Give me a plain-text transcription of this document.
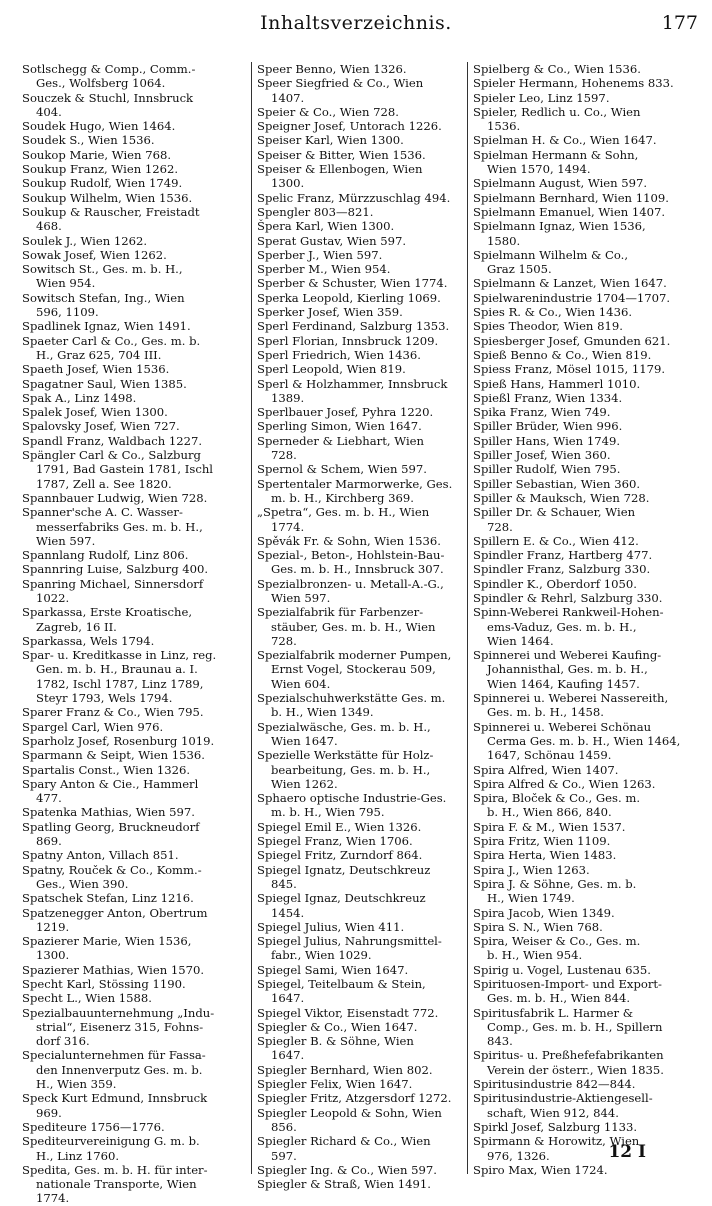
Inhaltsverzeichnis.	177
Sotlschegg & Comp., Comm.-
Ges., Wolfsberg 1064.
Souczek & Stuchl, Innsbruck
404.
Soudek Hugo, Wien 1464.
Soudek S., Wien 1536.
Soukop Marie, Wien 768.
Soukup Franz, Wien 1262.
Soukup Rudolf, Wien 1749.
Soukup Wilhelm, Wien 1536.
Soukup & Rauscher, Freistadt
468.
Soulek J., Wien 1262.
Sowak Josef, Wien 1262.
Sowitsch St., Ges. m. b. H.,
Wien 954.
Sowitsch Stefan, Ing., Wien
596, 1109.
Spadlinek Ignaz, Wien 1491.
Spaeter Carl & Co., Ges. m. b.
H., Graz 625, 704 III.
Spaeth Josef, Wien 1536.
Spagatner Saul, Wien 1385.
Spak A., Linz 1498.
Spalek Josef, Wien 1300.
Spalovsky Josef, Wien 727.
Spandl Franz, Waldbach 1227.
Spängler Carl & Co., Salzburg
1791, Bad Gastein 1781, Ischl
1787, Zell a. See 1820.
Spannbauer Ludwig, Wien 728.
Spanner'sche A. C. Wasser-
messerfabriks Ges. m. b. H.,
Wien 597.
Spannlang Rudolf, Linz 806.
Spannring Luise, Salzburg 400.
Spanring Michael, Sinnersdorf
1022.
Sparkassa, Erste Kroatische,
Zagreb, 16 II.
Sparkassa, Wels 1794.
Spar- u. Kreditkasse in Linz, reg.
Gen. m. b. H., Braunau a. I.
1782, Ischl 1787, Linz 1789,
Steyr 1793, Wels 1794.
Sparer Franz & Co., Wien 795.
Spargel Carl, Wien 976.
Sparholz Josef, Rosenburg 1019.
Sparmann & Seipt, Wien 1536.
Spartalis Const., Wien 1326.
Spary Anton & Cie., Hammerl
477.
Spatenka Mathias, Wien 597.
Spatling Georg, Bruckneudorf
869.
Spatny Anton, Villach 851.
Spatny, Rouček & Co., Komm.-
Ges., Wien 390.
Spatschek Stefan, Linz 1216.
Spatzenegger Anton, Obertrum
1219.
Spazierer Marie, Wien 1536,
1300.
Spazierer Mathias, Wien 1570.
Specht Karl, Stössing 1190.
Specht L., Wien 1588.
Spezialbauunternehmung „Indu-
strial“, Eisenerz 315, Fohns-
dorf 316.
Specialunternehmen für Fassa-
den Innenverputz Ges. m. b.
H., Wien 359.
Speck Kurt Edmund, Innsbruck
969.
Spediteure 1756—1776.
Spediteurvereinigung G. m. b.
H., Linz 1760.
Spedita, Ges. m. b. H. für inter-
nationale Transporte, Wien
1774.
Speer Benno, Wien 1326.
Speer Siegfried & Co., Wien
1407.
Speier & Co., Wien 728.
Speigner Josef, Untorach 1226.
Speiser Karl, Wien 1300.
Speiser & Bitter, Wien 1536.
Speiser & Ellenbogen, Wien
1300.
Spelic Franz, Mürzzuschlag 494.
Spengler 803—821.
Špera Karl, Wien 1300.
Sperat Gustav, Wien 597.
Sperber J., Wien 597.
Sperber M., Wien 954.
Sperber & Schuster, Wien 1774.
Sperka Leopold, Kierling 1069.
Sperker Josef, Wien 359.
Sperl Ferdinand, Salzburg 1353.
Sperl Florian, Innsbruck 1209.
Sperl Friedrich, Wien 1436.
Sperl Leopold, Wien 819.
Sperl & Holzhammer, Innsbruck
1389.
Sperlbauer Josef, Pyhra 1220.
Sperling Simon, Wien 1647.
Sperneder & Liebhart, Wien
728.
Spernol & Schem, Wien 597.
Spertentaler Marmorwerke, Ges.
m. b. H., Kirchberg 369.
„Spetra“, Ges. m. b. H., Wien
1774.
Spěvák Fr. & Sohn, Wien 1536.
Spezial-, Beton-, Hohlstein-Bau-
Ges. m. b. H., Innsbruck 307.
Spezialbronzen- u. Metall-A.-G.,
Wien 597.
Spezialfabrik für Farbenzer-
stäuber, Ges. m. b. H., Wien
728.
Spezialfabrik moderner Pumpen,
Ernst Vogel, Stockerau 509,
Wien 604.
Spezialschuhwerkstätte Ges. m.
b. H., Wien 1349.
Spezialwäsche, Ges. m. b. H.,
Wien 1647.
Spezielle Werkstätte für Holz-
bearbeitung, Ges. m. b. H.,
Wien 1262.
Sphaero optische Industrie-Ges.
m. b. H., Wien 795.
Spiegel Emil E., Wien 1326.
Spiegel Franz, Wien 1706.
Spiegel Fritz, Zurndorf 864.
Spiegel Ignatz, Deutschkreuz
845.
Spiegel Ignaz, Deutschkreuz
1454.
Spiegel Julius, Wien 411.
Spiegel Julius, Nahrungsmittel-
fabr., Wien 1029.
Spiegel Sami, Wien 1647.
Spiegel, Teitelbaum & Stein,
1647.
Spiegel Viktor, Eisenstadt 772.
Spiegler & Co., Wien 1647.
Spiegler B. & Söhne, Wien
1647.
Spiegler Bernhard, Wien 802.
Spiegler Felix, Wien 1647.
Spiegler Fritz, Atzgersdorf 1272.
Spiegler Leopold & Sohn, Wien
856.
Spiegler Richard & Co., Wien
597.
Spiegler Ing. & Co., Wien 597.
Spiegler & Straß, Wien 1491.
Spielberg & Co., Wien 1536.
Spieler Hermann, Hohenems 833.
Spieler Leo, Linz 1597.
Spieler, Redlich u. Co., Wien
1536.
Spielman H. & Co., Wien 1647.
Spielman Hermann & Sohn,
Wien 1570, 1494.
Spielmann August, Wien 597.
Spielmann Bernhard, Wien 1109.
Spielmann Emanuel, Wien 1407.
Spielmann Ignaz, Wien 1536,
1580.
Spielmann Wilhelm & Co.,
Graz 1505.
Spielmann & Lanzet, Wien 1647.
Spielwarenindustrie 1704—1707.
Spies R. & Co., Wien 1436.
Spies Theodor, Wien 819.
Spiesberger Josef, Gmunden 621.
Spieß Benno & Co., Wien 819.
Spiess Franz, Mösel 1015, 1179.
Spieß Hans, Hammerl 1010.
Spießl Franz, Wien 1334.
Spika Franz, Wien 749.
Spiller Brüder, Wien 996.
Spiller Hans, Wien 1749.
Spiller Josef, Wien 360.
Spiller Rudolf, Wien 795.
Spiller Sebastian, Wien 360.
Spiller & Mauksch, Wien 728.
Spiller Dr. & Schauer, Wien
728.
Spillern E. & Co., Wien 412.
Spindler Franz, Hartberg 477.
Spindler Franz, Salzburg 330.
Spindler K., Oberdorf 1050.
Spindler & Rehrl, Salzburg 330.
Spinn-Weberei Rankweil-Hohen-
ems-Vaduz, Ges. m. b. H.,
Wien 1464.
Spinnerei und Weberei Kaufing-
Johannisthal, Ges. m. b. H.,
Wien 1464, Kaufing 1457.
Spinnerei u. Weberei Nassereith,
Ges. m. b. H., 1458.
Spinnerei u. Weberei Schönau
Cerma Ges. m. b. H., Wien 1464,
1647, Schönau 1459.
Spira Alfred, Wien 1407.
Spira Alfred & Co., Wien 1263.
Spira, Bloček & Co., Ges. m.
b. H., Wien 866, 840.
Spira F. & M., Wien 1537.
Spira Fritz, Wien 1109.
Spira Herta, Wien 1483.
Spira J., Wien 1263.
Spira J. & Söhne, Ges. m. b.
H., Wien 1749.
Spira Jacob, Wien 1349.
Spira S. N., Wien 768.
Spira, Weiser & Co., Ges. m.
b. H., Wien 954.
Spirig u. Vogel, Lustenau 635.
Spirituosen-Import- und Export-
Ges. m. b. H., Wien 844.
Spiritusfabrik L. Harmer &
Comp., Ges. m. b. H., Spillern
843.
Spiritus- u. Preßhefefabrikanten
Verein der österr., Wien 1835.
Spiritusindustrie 842—844.
Spiritusindustrie-Aktiengesell-
schaft, Wien 912, 844.
Spirkl Josef, Salzburg 1133.
Spirmann & Horowitz, Wien
976, 1326.
Spiro Max, Wien 1724.
12 I
